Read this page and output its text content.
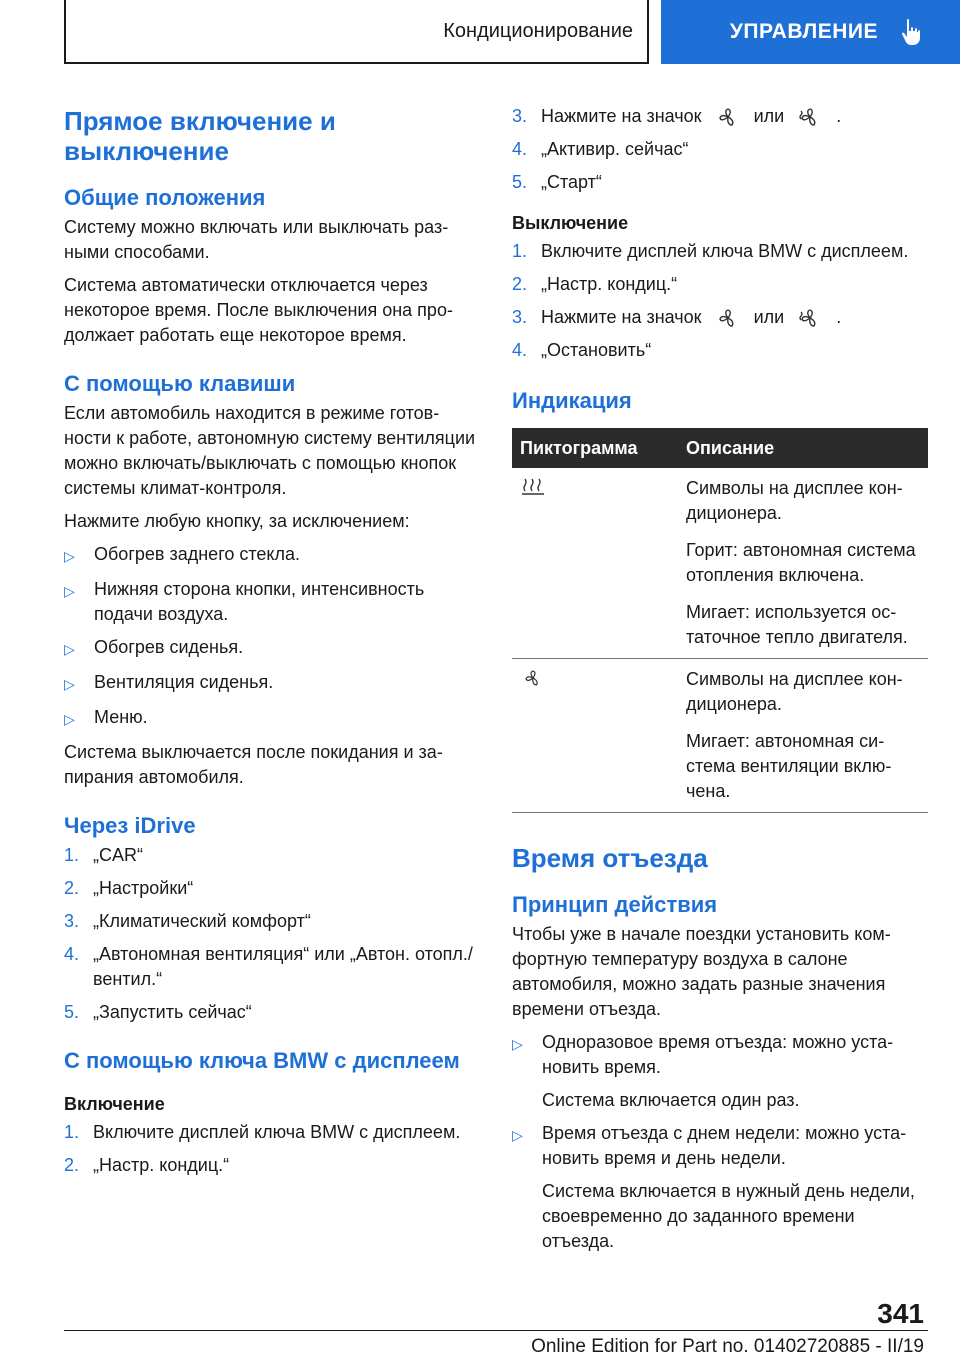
Кондиционирование	УПРАВЛЕНИЕ
Прямое включение и выключение
Общие положения

Систему можно включать или выключать разными способами.

Система автоматически отключается через некоторое время. После выключения она продолжает работать еще некоторое время.

С помощью клавиши

Если автомобиль находится в режиме готовности к работе, автономную систему вентиляции можно включать/выключать с помощью кнопок системы климат-контроля.

Нажмите любую кнопку, за исключением:

▷	Обогрев заднего стекла.
▷	Нижняя сторона кнопки, интенсивность подачи воздуха.
▷	Обогрев сиденья.
▷	Вентиляция сиденья.
▷	Меню.

Система выключается после покидания и запирания автомобиля.

Через iDrive
1. „CAR“
2. „Настройки“
3. „Климатический комфорт“
4. „Автономная вентиляция“ или „Автон. отопл./вентил.“
5. „Запустить сейчас“
С помощью ключа BMW с дисплеем
Включение
1. Включите дисплей ключа BMW с дисплеем.
2. „Настр. кондиц.“
3. Нажмите на значок	или	.
4. „Активир. сейчас“
5. „Старт“
Выключение
1. Включите дисплей ключа BMW с дисплеем.
2. „Настр. кондиц.“
3. Нажмите на значок	или	.
4. „Остановить“
Индикация
Пиктограмма	Описание

Символы на дисплее кондиционера.

Горит: автономная система отопления включена.

Мигает: используется остаточное тепло двигателя.

Символы на дисплее кондиционера.

Мигает: автономная система вентиляции включена.

Время отъезда
Принцип действия

Чтобы уже в начале поездки установить комфортную температуру воздуха в салоне автомобиля, можно задать разные значения времени отъезда.

▷	Одноразовое время отъезда: можно установить время.

Система включается один раз.

▷	Время отъезда с днем недели: можно установить время и день недели.

Система включается в нужный день недели, своевременно до заданного времени отъезда.

341
Online Edition for Part no. 01402720885 - II/19
